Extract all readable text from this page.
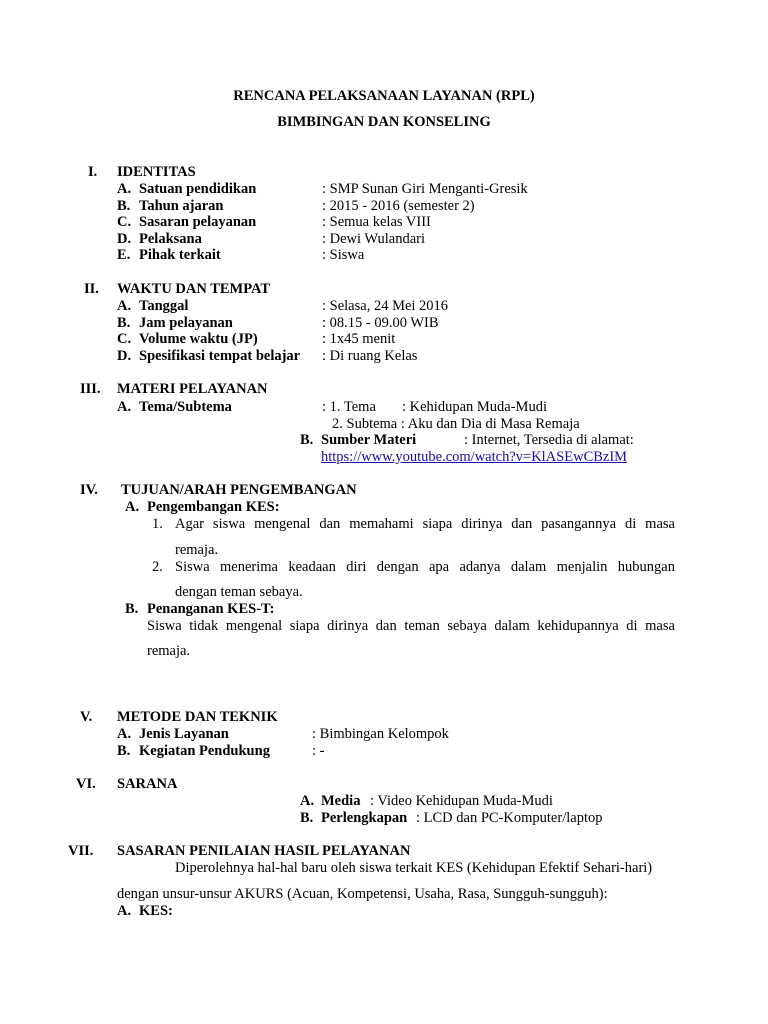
RENCANA PELAKSANAAN LAYANAN (RPL)
BIMBINGAN DAN KONSELING
I. IDENTITAS
A. Satuan pendidikan	: SMP Sunan Giri Menganti-Gresik
B. Tahun ajaran	: 2015 - 2016 (semester 2)
C. Sasaran pelayanan	: Semua kelas VIII
D. Pelaksana	: Dewi Wulandari
E. Pihak terkait	: Siswa
II. WAKTU DAN TEMPAT
A. Tanggal	: Selasa, 24 Mei 2016
B. Jam pelayanan	: 08.15 - 09.00 WIB
C. Volume waktu (JP)	: 1x45 menit
D. Spesifikasi tempat belajar : Di ruang Kelas
III. MATERI PELAYANAN
A. Tema/Subtema	: 1. Tema : Kehidupan Muda-Mudi
2. Subtema : Aku dan Dia di Masa Remaja
B. Sumber Materi	: Internet, Tersedia di alamat:
https://www.youtube.com/watch?v=KlASEwCBzIM
IV. TUJUAN/ARAH PENGEMBANGAN
A. Pengembangan KES:
1. Agar siswa mengenal dan memahami siapa dirinya dan pasangannya di masa
remaja.
2. Siswa menerima keadaan diri dengan apa adanya dalam menjalin hubungan
dengan teman sebaya.
B. Penanganan KES-T:
Siswa tidak mengenal siapa dirinya dan teman sebaya dalam kehidupannya di masa
remaja.
V. METODE DAN TEKNIK
A. Jenis Layanan	: Bimbingan Kelompok
B. Kegiatan Pendukung	: -
VI. SARANA
A. Media : Video Kehidupan Muda-Mudi
B. Perlengkapan : LCD dan PC-Komputer/laptop
VII. SASARAN PENILAIAN HASIL PELAYANAN
Diperolehnya hal-hal baru oleh siswa terkait KES (Kehidupan Efektif Sehari-hari)
dengan unsur-unsur AKURS (Acuan, Kompetensi, Usaha, Rasa, Sungguh-sungguh):
A. KES:
